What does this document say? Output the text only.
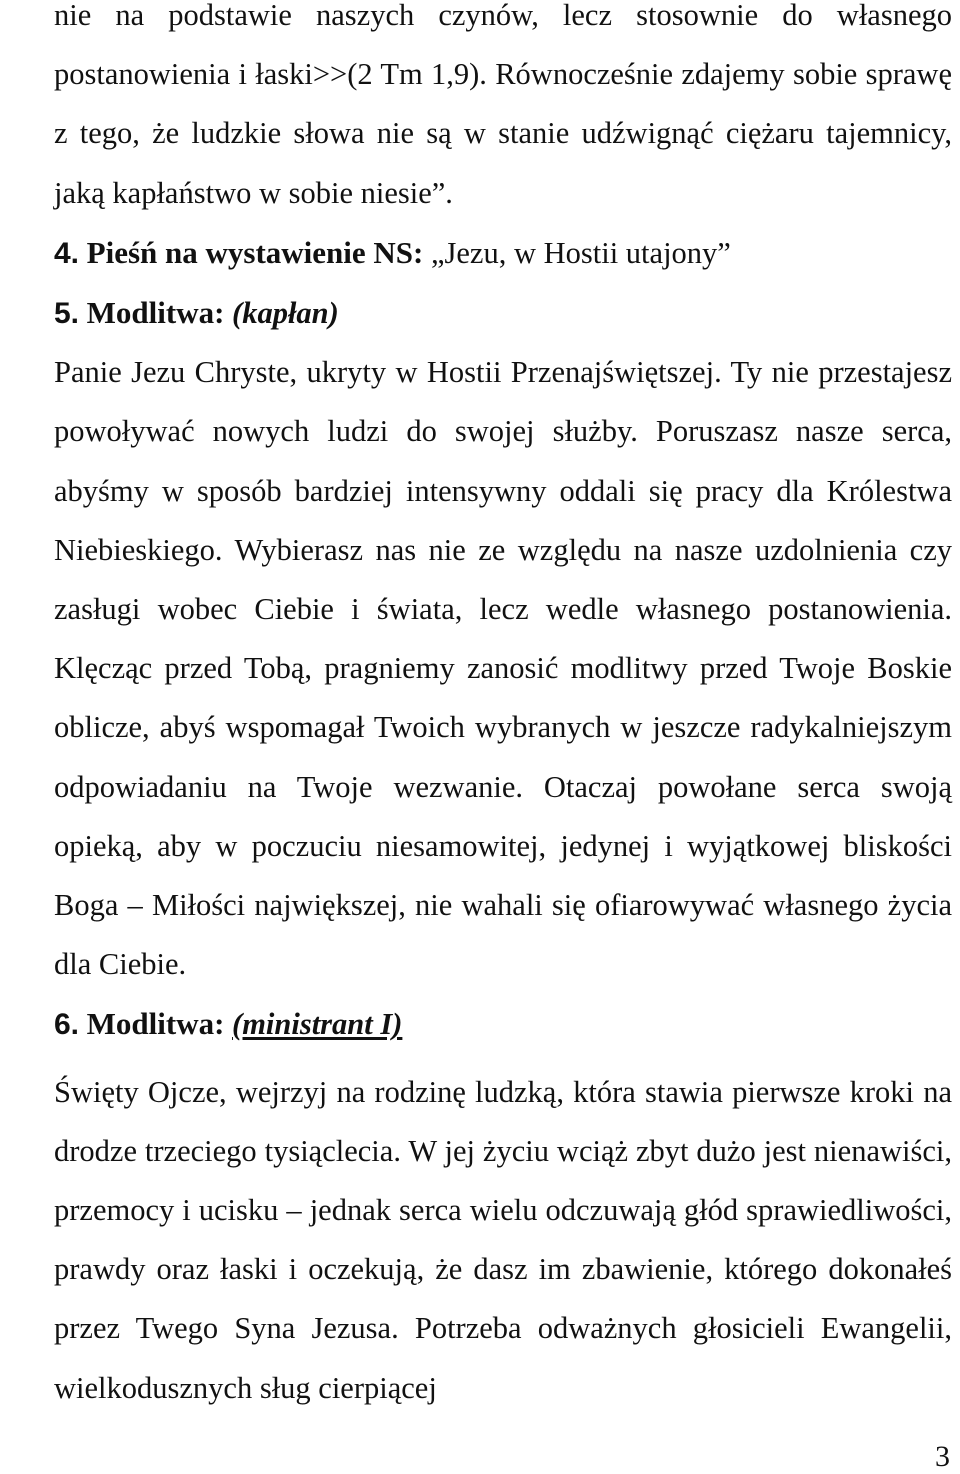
nie na podstawie naszych czynów, lecz stosownie do własnego postanowienia i łaski>>(2 Tm 1,9). Równocześnie zdajemy sobie sprawę z tego, że ludzkie słowa nie są w stanie udźwignąć ciężaru tajemnicy, jaką kapłaństwo w sobie niesie”.

4. Pieśń na wystawienie NS: „Jezu, w Hostii utajony”
5. Modlitwa: (kapłan)

Panie Jezu Chryste, ukryty w Hostii Przenajświętszej. Ty nie przestajesz powoływać nowych ludzi do swojej służby. Poruszasz nasze serca, abyśmy w sposób bardziej intensywny oddali się pracy dla Królestwa Niebieskiego. Wybierasz nas nie ze względu na nasze uzdolnienia czy zasługi wobec Ciebie i świata, lecz wedle własnego postanowienia. Klęcząc przed Tobą, pragniemy zanosić modlitwy przed Twoje Boskie oblicze, abyś wspomagał Twoich wybranych w jeszcze radykalniejszym odpowiadaniu na Twoje wezwanie. Otaczaj powołane serca swoją opieką, aby w poczuciu niesamowitej, jedynej i wyjątkowej bliskości Boga – Miłości największej, nie wahali się ofiarowywać własnego życia dla Ciebie.

6. Modlitwa: (ministrant I)

Święty Ojcze, wejrzyj na rodzinę ludzką, która stawia pierwsze kroki na drodze trzeciego tysiąclecia. W jej życiu wciąż zbyt dużo jest nienawiści, przemocy i ucisku – jednak serca wielu odczuwają głód sprawiedliwości, prawdy oraz łaski i oczekują, że dasz im zbawienie, którego dokonałeś przez Twego Syna Jezusa. Potrzeba odważnych głosicieli Ewangelii, wielkodusznych sług cierpiącej

3
